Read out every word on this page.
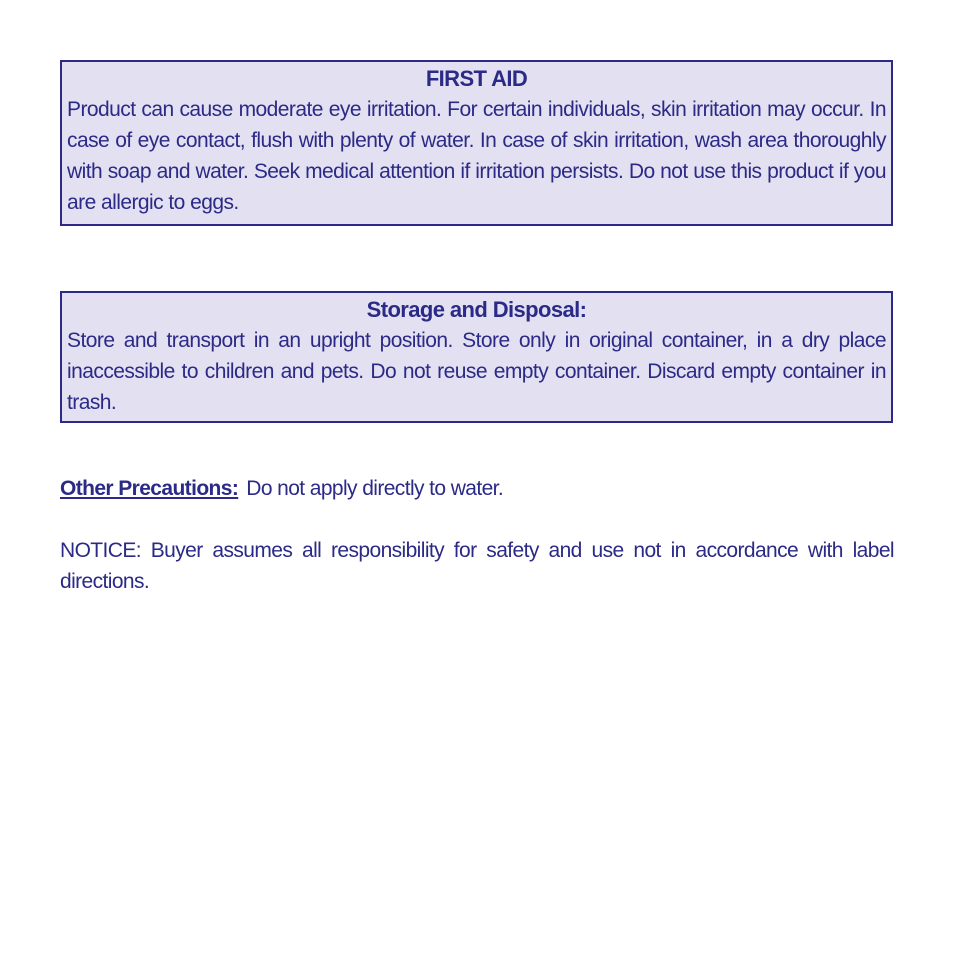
FIRST AID
Product can cause moderate eye irritation. For certain individuals, skin irritation may occur. In case of eye contact, flush with plenty of water. In case of skin irritation, wash area thoroughly with soap and water. Seek medical attention if irritation persists. Do not use this product if you are allergic to eggs.
Storage and Disposal:
Store and transport in an upright position. Store only in original container, in a dry place inaccessible to children and pets. Do not reuse empty container. Discard empty container in trash.
Other Precautions: Do not apply directly to water.
NOTICE: Buyer assumes all responsibility for safety and use not in accordance with label directions.
